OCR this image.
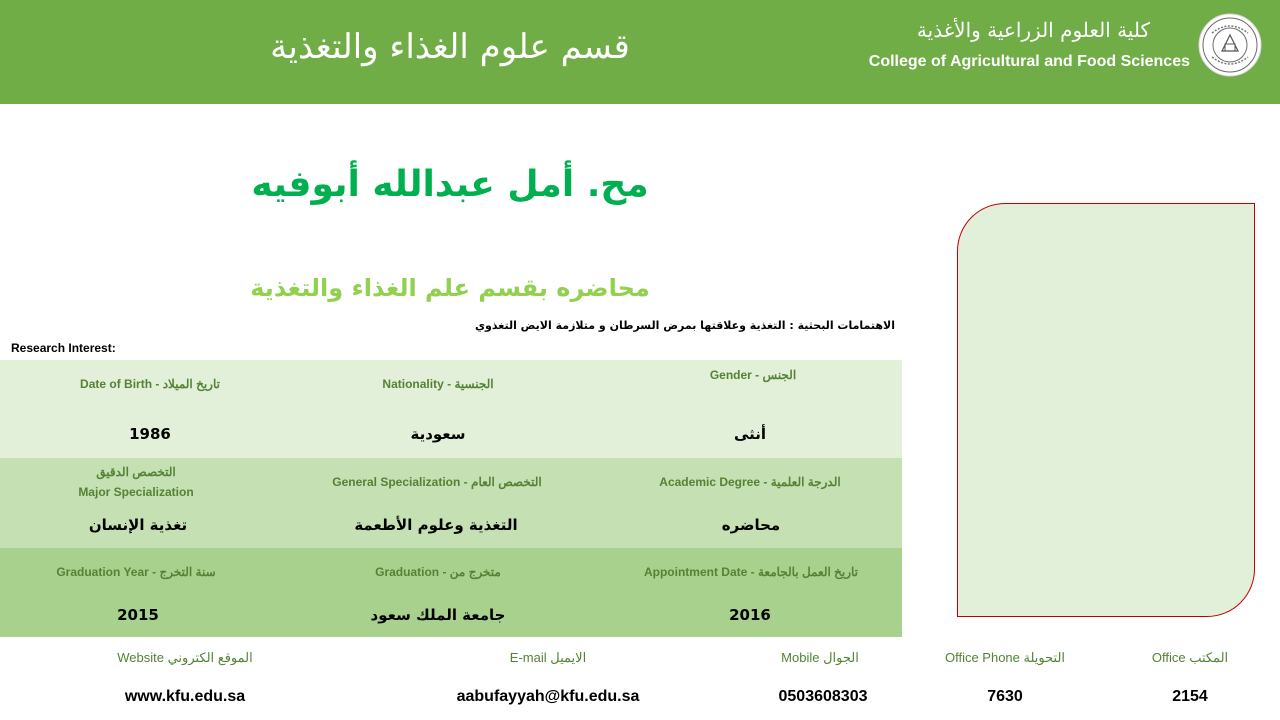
قسم علوم الغذاء والتغذية	كلية العلوم الزراعية والأغذية
College of Agricultural and Food Sciences
مح. أمل عبدالله أبوفيه
محاضره بقسم علم الغذاء والتغذية
الاهتمامات البحثية : التغذية وعلاقتها بمرض السرطان و متلازمة الايض التغذوي
Research Interest:
Date of Birth - تاريخ الميلاد
1986
Nationality - الجنسية
سعودية
Gender - الجنس
أنثى
التخصص الدقيق
Major Specialization
تغذية الإنسان
General Specialization - التخصص العام
التغذية وعلوم الأطعمة
Academic Degree - الدرجة العلمية
محاضره
Graduation Year - سنة التخرج
2015
Graduation - متخرج من
جامعة الملك سعود
Appointment Date - تاريخ العمل بالجامعة
2016
Website الموقع الكتروني
www.kfu.edu.sa
E-mail الايميل
aabufayyah@kfu.edu.sa
Mobile الجوال
0503608303
Office Phone التحويلة
7630
Office المكتب
2154
